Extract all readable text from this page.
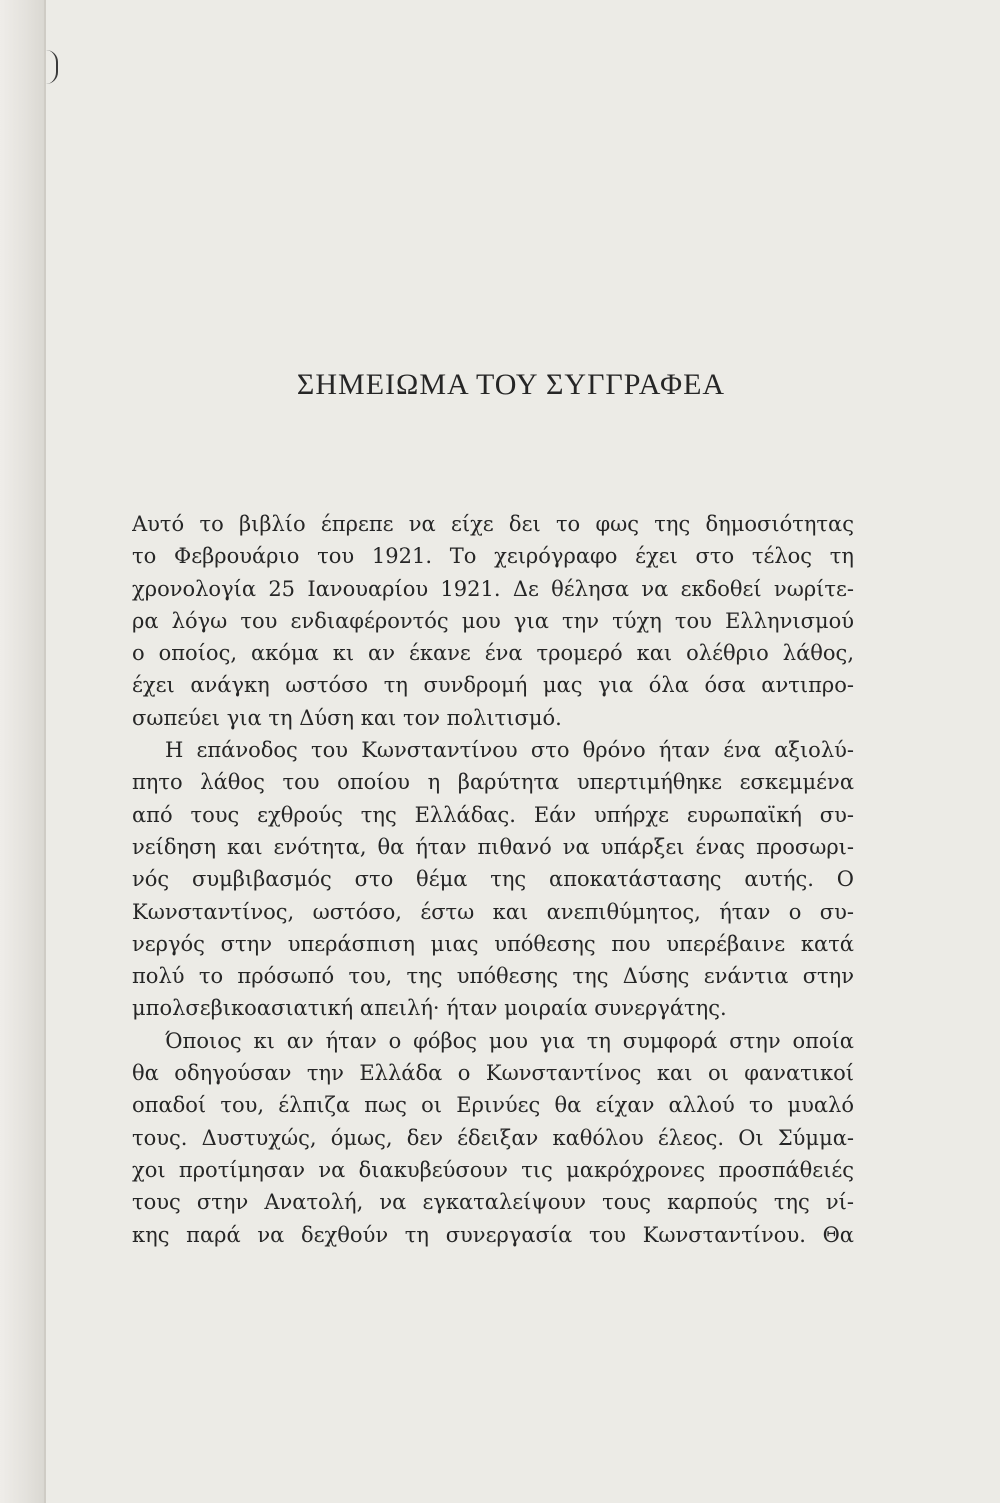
ΣΗΜΕΙΩΜΑ ΤΟΥ ΣΥΓΓΡΑΦΕΑ
Αυτό το βιβλίο έπρεπε να είχε δει το φως της δημοσιότητας
το Φεβρουάριο του 1921. Το χειρόγραφο έχει στο τέλος τη
χρονολογία 25 Ιανουαρίου 1921. Δε θέλησα να εκδοθεί νωρίτε-
ρα λόγω του ενδιαφέροντός μου για την τύχη του Ελληνισμού
ο οποίος, ακόμα κι αν έκανε ένα τρομερό και ολέθριο λάθος,
έχει ανάγκη ωστόσο τη συνδρομή μας για όλα όσα αντιπρο-
σωπεύει για τη Δύση και τον πολιτισμό.
Η επάνοδος του Κωνσταντίνου στο θρόνο ήταν ένα αξιολύ-
πητο λάθος του οποίου η βαρύτητα υπερτιμήθηκε εσκεμμένα
από τους εχθρούς της Ελλάδας. Εάν υπήρχε ευρωπαϊκή συ-
νείδηση και ενότητα, θα ήταν πιθανό να υπάρξει ένας προσωρι-
νός συμβιβασμός στο θέμα της αποκατάστασης αυτής. Ο
Κωνσταντίνος, ωστόσο, έστω και ανεπιθύμητος, ήταν ο συ-
νεργός στην υπεράσπιση μιας υπόθεσης που υπερέβαινε κατά
πολύ το πρόσωπό του, της υπόθεσης της Δύσης ενάντια στην
μπολσεβικοασιατική απειλή· ήταν μοιραία συνεργάτης.
Όποιος κι αν ήταν ο φόβος μου για τη συμφορά στην οποία
θα οδηγούσαν την Ελλάδα ο Κωνσταντίνος και οι φανατικοί
οπαδοί του, έλπιζα πως οι Ερινύες θα είχαν αλλού το μυαλό
τους. Δυστυχώς, όμως, δεν έδειξαν καθόλου έλεος. Οι Σύμμα-
χοι προτίμησαν να διακυβεύσουν τις μακρόχρονες προσπάθειές
τους στην Ανατολή, να εγκαταλείψουν τους καρπούς της νί-
κης παρά να δεχθούν τη συνεργασία του Κωνσταντίνου. Θα
